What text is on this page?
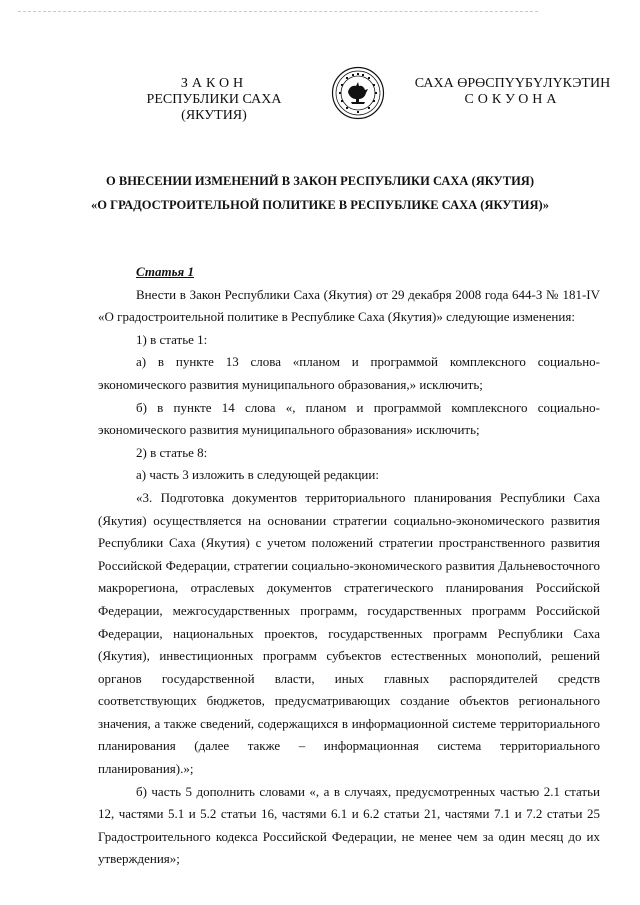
ЗАКОН
РЕСПУБЛИКИ САХА (ЯКУТИЯ)
САХА ӨРӨСПҮҮБҮЛҮКЭТИН
СОКУОНА
О ВНЕСЕНИИ ИЗМЕНЕНИЙ В ЗАКОН РЕСПУБЛИКИ САХА (ЯКУТИЯ)
«О ГРАДОСТРОИТЕЛЬНОЙ ПОЛИТИКЕ В РЕСПУБЛИКЕ САХА (ЯКУТИЯ)»

Статья 1

Внести в Закон Республики Саха (Якутия) от 29 декабря 2008 года 644-З № 181-IV «О градостроительной политике в Республике Саха (Якутия)» следующие изменения:

1) в статье 1:

а) в пункте 13 слова «планом и программой комплексного социально-экономического развития муниципального образования,» исключить;

б) в пункте 14 слова «, планом и программой комплексного социально-экономического развития муниципального образования» исключить;

2) в статье 8:

а) часть 3 изложить в следующей редакции:

«3. Подготовка документов территориального планирования Республики Саха (Якутия) осуществляется на основании стратегии социально-экономического развития Республики Саха (Якутия) с учетом положений стратегии пространственного развития Российской Федерации, стратегии социально-экономического развития Дальневосточного макрорегиона, отраслевых документов стратегического планирования Российской Федерации, межгосударственных программ, государственных программ Российской Федерации, национальных проектов, государственных программ Республики Саха (Якутия), инвестиционных программ субъектов естественных монополий, решений органов государственной власти, иных главных распорядителей средств соответствующих бюджетов, предусматривающих создание объектов регионального значения, а также сведений, содержащихся в информационной системе территориального планирования (далее также – информационная система территориального планирования).»;

б) часть 5 дополнить словами «, а в случаях, предусмотренных частью 2.1 статьи 12, частями 5.1 и 5.2 статьи 16, частями 6.1 и 6.2 статьи 21, частями 7.1 и 7.2 статьи 25 Градостроительного кодекса Российской Федерации, не менее чем за один месяц до их утверждения»;
